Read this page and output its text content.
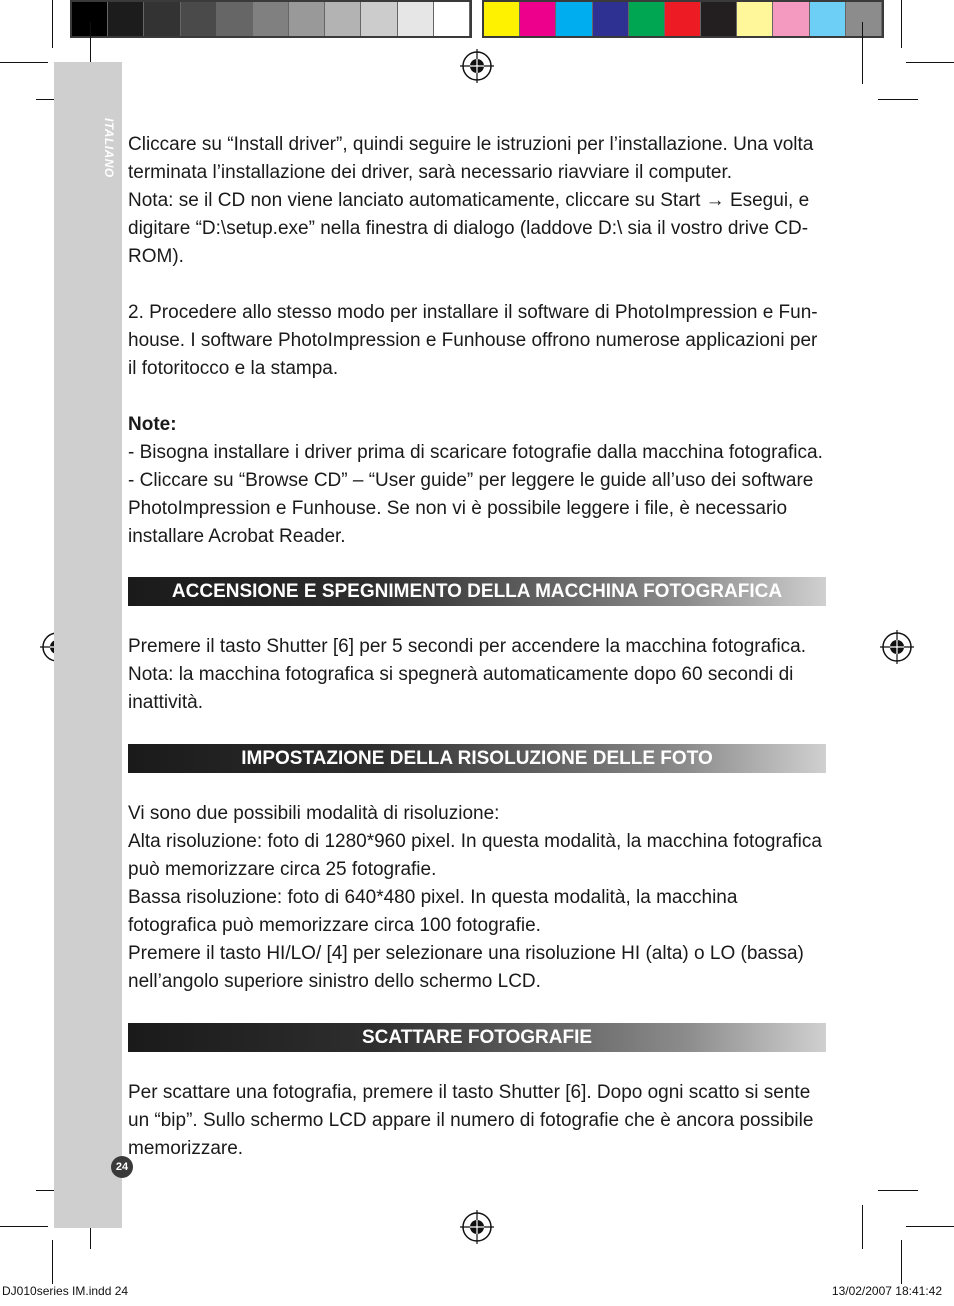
ITALIANO
24

Cliccare su “Install driver”, quindi seguire le istruzioni per l’installazione. Una volta terminata l’installazione dei driver, sarà necessario riavviare il computer.

Nota: se il CD non viene lanciato automaticamente, cliccare su Start → Esegui, e digitare “D:\setup.exe” nella finestra di dialogo (laddove D:\ sia il vostro drive CD-ROM).

2. Procedere allo stesso modo per installare il software di PhotoImpression e Fun-house. I software PhotoImpression e Funhouse offrono numerose applicazioni per il fotoritocco e la stampa.

Note:

- Bisogna installare i driver prima di scaricare fotografie dalla macchina fotografica.

- Cliccare su “Browse CD” – “User guide” per leggere le guide all’uso dei software PhotoImpression e Funhouse. Se non vi è possibile leggere i file, è necessario installare Acrobat Reader.

ACCENSIONE E SPEGNIMENTO DELLA MACCHINA FOTOGRAFICA

Premere il tasto Shutter [6] per 5 secondi per accendere la macchina fotografica.

Nota: la macchina fotografica si spegnerà automaticamente dopo 60 secondi di inattività.

IMPOSTAZIONE DELLA RISOLUZIONE DELLE FOTO

Vi sono due possibili modalità di risoluzione:

Alta risoluzione: foto di 1280*960 pixel. In questa modalità, la macchina fotografica può memorizzare circa 25 fotografie.

Bassa risoluzione: foto di 640*480 pixel. In questa modalità, la macchina fotografica può memorizzare circa 100 fotografie.

Premere il tasto HI/LO/ [4] per selezionare una risoluzione HI (alta) o LO (bassa) nell’angolo superiore sinistro dello schermo LCD.

SCATTARE FOTOGRAFIE

Per scattare una fotografia, premere il tasto Shutter [6]. Dopo ogni scatto si sente un “bip”. Sullo schermo LCD appare il numero di fotografie che è ancora possibile memorizzare.

DJ010series IM.indd 24	13/02/2007 18:41:42
